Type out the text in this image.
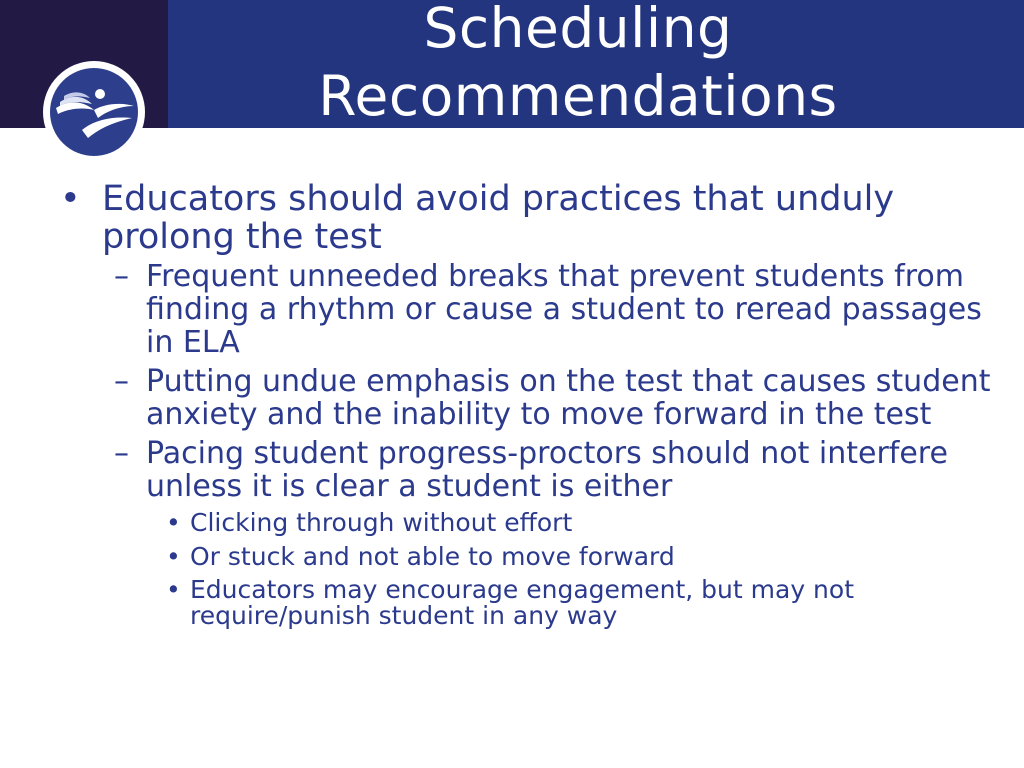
Scheduling
Recommendations
• Educators should avoid practices that unduly prolong the test
– Frequent unneeded breaks that prevent students from finding a rhythm or cause a student to reread passages in ELA
– Putting undue emphasis on the test that causes student anxiety and the inability to move forward in the test
– Pacing student progress-proctors should not interfere unless it is clear a student is either
• Clicking through without effort
• Or stuck and not able to move forward
• Educators may encourage engagement, but may not require/punish student in any way
